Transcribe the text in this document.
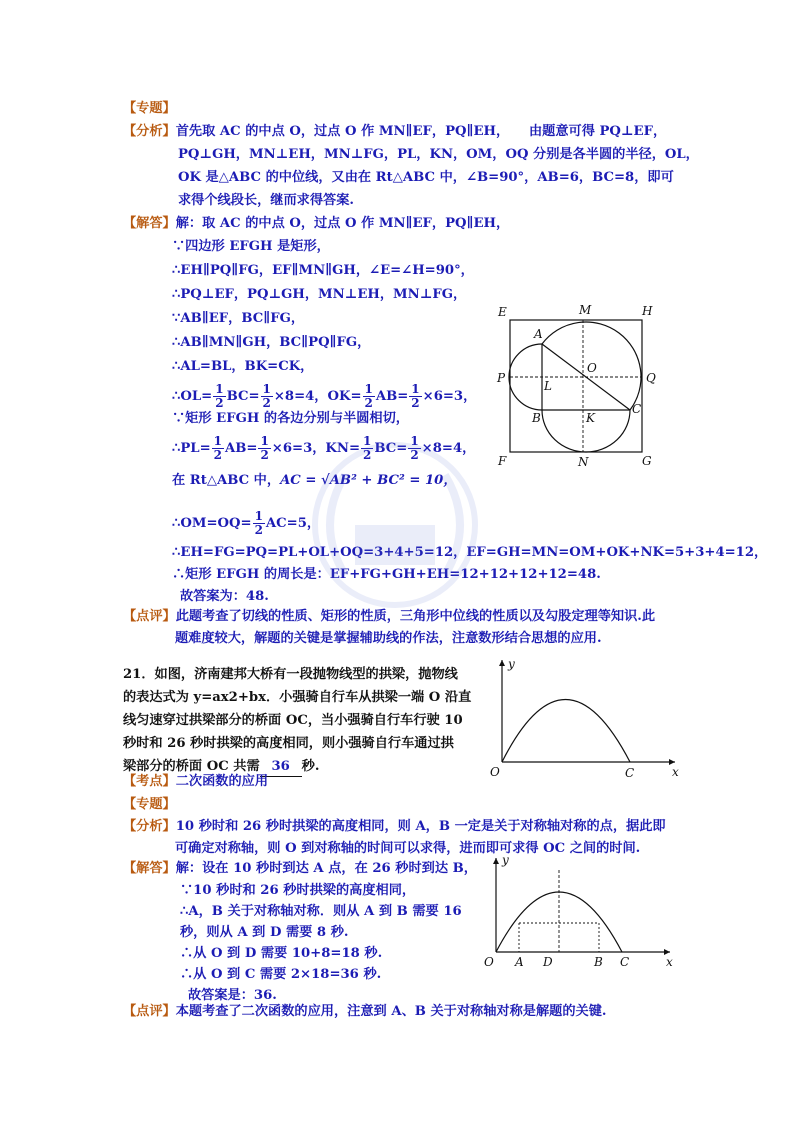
【专题】
【分析】首先取 AC 的中点 O，过点 O 作 MN∥EF，PQ∥EH，　　由题意可得 PQ⊥EF，
PQ⊥GH，MN⊥EH，MN⊥FG，PL，KN，OM，OQ 分别是各半圆的半径，OL，
OK 是△ABC 的中位线，又由在 Rt△ABC 中，∠B=90°，AB=6，BC=8，即可
求得个线段长，继而求得答案.
【解答】解：取 AC 的中点 O，过点 O 作 MN∥EF，PQ∥EH，
∵四边形 EFGH 是矩形，
∴EH∥PQ∥FG，EF∥MN∥GH，∠E=∠H=90°，
∴PQ⊥EF，PQ⊥GH，MN⊥EH，MN⊥FG，
∵AB∥EF，BC∥FG，
∴AB∥MN∥GH，BC∥PQ∥FG，
∴AL=BL，BK=CK，
∴OL= $\frac{1}{2} BC= \frac{1}{2} \times 8=4$，$OK= \frac{1}{2} AB= \frac{1}{2} \times 6=3$，
∵矩形 EFGH 的各边分别与半圆相切，
∴PL= $\frac{1}{2} AB= \frac{1}{2} \times 6=3$，$KN= \frac{1}{2} BC= \frac{1}{2} \times 8=4$，
在 Rt△ABC 中，AC = √AB² + BC² = 10，
∴OM=OQ= $\frac{1}{2} AC=5$，
∴EH=FG=PQ=PL+OL+OQ=3+4+5=12，EF=GH=MN=OM+OK+NK=5+3+4=12，
∴矩形 EFGH 的周长是：EF+FG+GH+EH=12+12+12+12=48.
故答案为：48.
【点评】此题考查了切线的性质、矩形的性质，三角形中位线的性质以及勾股定理等知识.此
题难度较大，解题的关键是掌握辅助线的作法，注意数形结合思想的应用.
E	M	H
A
O
P
L
Q
B	K
C
F	N	G
21．如图，济南建邦大桥有一段抛物线型的拱梁，抛物线
的表达式为 y=ax2+bx．小强骑自行车从拱梁一端 O 沿直
线匀速穿过拱梁部分的桥面 OC，当小强骑自行车行驶 10
秒时和 26 秒时拱梁的高度相同，则小强骑自行车通过拱
梁部分的桥面 OC 共需 36 秒.
【考点】二次函数的应用
【专题】
【分析】10 秒时和 26 秒时拱梁的高度相同，则 A，B 一定是关于对称轴对称的点，据此即
可确定对称轴，则 O 到对称轴的时间可以求得，进而即可求得 OC 之间的时间.
【解答】解：设在 10 秒时到达 A 点，在 26 秒时到达 B，
∵10 秒时和 26 秒时拱梁的高度相同，
∴A，B 关于对称轴对称．则从 A 到 B 需要 16
秒，则从 A 到 D 需要 8 秒.
∴从 O 到 D 需要 10+8=18 秒.
∴从 O 到 C 需要 2×18=36 秒.
故答案是：36.
【点评】本题考查了二次函数的应用，注意到 A、B 关于对称轴对称是解题的关键.
y
O	C	x
y
O A D	B C	x
